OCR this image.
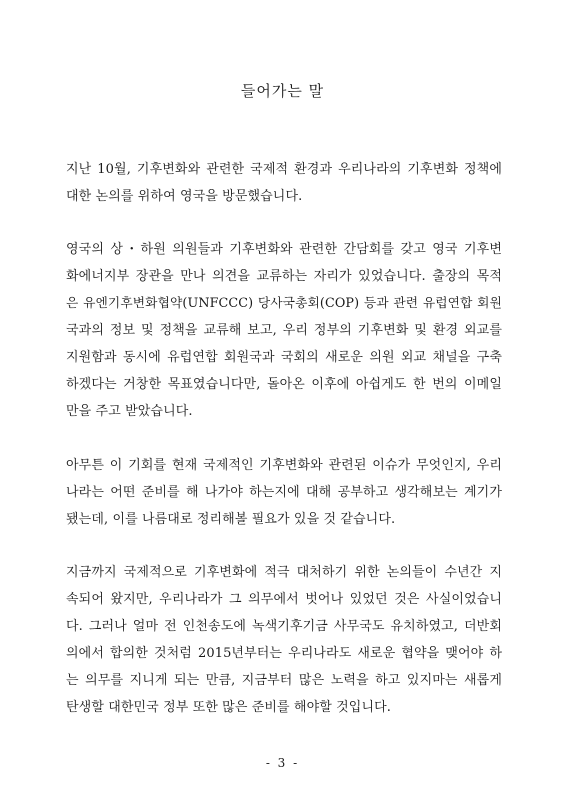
들어가는 말
지난 10월, 기후변화와 관련한 국제적 환경과 우리나라의 기후변화 정책에
대한 논의를 위하여 영국을 방문했습니다.
영국의 상・하원 의원들과 기후변화와 관련한 간담회를 갖고 영국 기후변
화에너지부 장관을 만나 의견을 교류하는 자리가 있었습니다. 출장의 목적
은 유엔기후변화협약(UNFCCC) 당사국총회(COP) 등과 관련 유럽연합 회원
국과의 정보 및 정책을 교류해 보고, 우리 정부의 기후변화 및 환경 외교를
지원함과 동시에 유럽연합 회원국과 국회의 새로운 의원 외교 채널을 구축
하겠다는 거창한 목표였습니다만, 돌아온 이후에 아쉽게도 한 번의 이메일
만을 주고 받았습니다.
아무튼 이 기회를 현재 국제적인 기후변화와 관련된 이슈가 무엇인지, 우리
나라는 어떤 준비를 해 나가야 하는지에 대해 공부하고 생각해보는 계기가
됐는데, 이를 나름대로 정리해볼 필요가 있을 것 같습니다.
지금까지 국제적으로 기후변화에 적극 대처하기 위한 논의들이 수년간 지
속되어 왔지만, 우리나라가 그 의무에서 벗어나 있었던 것은 사실이었습니
다. 그러나 얼마 전 인천송도에 녹색기후기금 사무국도 유치하였고, 더반회
의에서 합의한 것처럼 2015년부터는 우리나라도 새로운 협약을 맺어야 하
는 의무를 지니게 되는 만큼, 지금부터 많은 노력을 하고 있지마는 새롭게
탄생할 대한민국 정부 또한 많은 준비를 해야할 것입니다.
- 3 -
